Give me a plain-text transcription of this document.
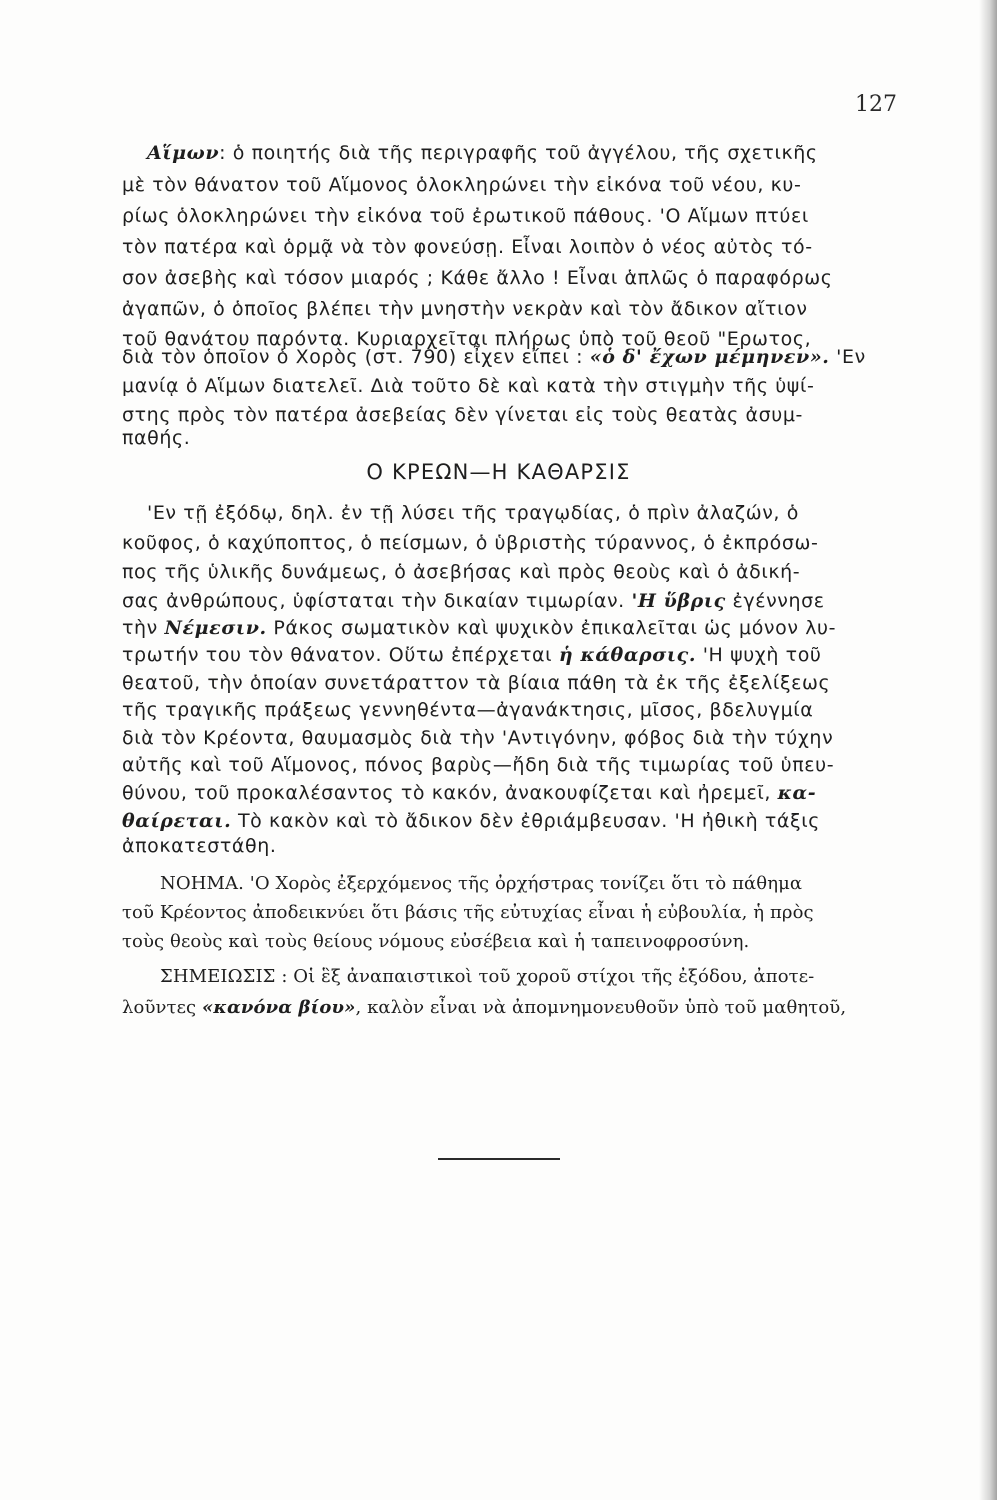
127
Αἵμων: ὁ ποιητής διὰ τῆς περιγραφῆς τοῦ ἀγγέλου, τῆς σχετικῆς
μὲ τὸν θάνατον τοῦ Αἵμονος ὁλοκληρώνει τὴν εἰκόνα τοῦ νέου, κυ-
ρίως ὁλοκληρώνει τὴν εἰκόνα τοῦ ἐρωτικοῦ πάθους. 'Ο Αἵμων πτύει
τὸν πατέρα καὶ ὁρμᾷ νὰ τὸν φονεύσῃ. Εἶναι λοιπὸν ὁ νέος αὐτὸς τό-
σον ἀσεβὴς καὶ τόσον μιαρός ; Κάθε ἄλλο ! Εἶναι ἁπλῶς ὁ παραφόρως
ἀγαπῶν, ὁ ὁποῖος βλέπει τὴν μνηστὴν νεκρὰν καὶ τὸν ἄδικον αἴτιον
τοῦ θανάτου παρόντα. Κυριαρχεῖται πλήρως ὑπὸ τοῦ θεοῦ "Ερωτος,
διὰ τὸν ὁποῖον ὁ Χορὸς (στ. 790) εἶχεν εἴπει : «ὁ δ' ἔχων μέμηνεν». 'Εν
μανίᾳ ὁ Αἵμων διατελεῖ. Διὰ τοῦτο δὲ καὶ κατὰ τὴν στιγμὴν τῆς ὑψί-
στης πρὸς τὸν πατέρα ἀσεβείας δὲν γίνεται εἰς τοὺς θεατὰς ἀσυμ-
παθής.
Ο ΚΡΕΩΝ—Η ΚΑΘΑΡΣΙΣ
'Εν τῇ ἐξόδῳ, δηλ. ἐν τῇ λύσει τῆς τραγῳδίας, ὁ πρὶν ἀλαζών, ὁ
κοῦφος, ὁ καχύποπτος, ὁ πείσμων, ὁ ὑβριστὴς τύραννος, ὁ ἐκπρόσω-
πος τῆς ὑλικῆς δυνάμεως, ὁ ἀσεβήσας καὶ πρὸς θεοὺς καὶ ὁ ἀδική-
σας ἀνθρώπους, ὑφίσταται τὴν δικαίαν τιμωρίαν. 'Η ὕβρις ἐγέννησε
τὴν Νέμεσιν. Ράκος σωματικὸν καὶ ψυχικὸν ἐπικαλεῖται ὡς μόνον λυ-
τρωτήν του τὸν θάνατον. Οὕτω ἐπέρχεται ἡ κάθαρσις. 'Η ψυχὴ τοῦ
θεατοῦ, τὴν ὁποίαν συνετάραττον τὰ βίαια πάθη τὰ ἐκ τῆς ἐξελίξεως
τῆς τραγικῆς πράξεως γεννηθέντα—ἀγανάκτησις, μῖσος, βδελυγμία
διὰ τὸν Κρέοντα, θαυμασμὸς διὰ τὴν 'Αντιγόνην, φόβος διὰ τὴν τύχην
αὐτῆς καὶ τοῦ Αἵμονος, πόνος βαρὺς—ἤδη διὰ τῆς τιμωρίας τοῦ ὑπευ-
θύνου, τοῦ προκαλέσαντος τὸ κακόν, ἀνακουφίζεται καὶ ἠρεμεῖ, κα-
θαίρεται. Τὸ κακὸν καὶ τὸ ἄδικον δὲν ἐθριάμβευσαν. 'Η ἠθικὴ τάξις
ἀποκατεστάθη.
ΝΟΗΜΑ. 'Ο Χορὸς ἐξερχόμενος τῆς ὀρχήστρας τονίζει ὅτι τὸ πάθημα
τοῦ Κρέοντος ἀποδεικνύει ὅτι βάσις τῆς εὐτυχίας εἶναι ἡ εὐβουλία, ἡ πρὸς
τοὺς θεοὺς καὶ τοὺς θείους νόμους εὐσέβεια καὶ ἡ ταπεινοφροσύνη.
ΣΗΜΕΙΩΣΙΣ : Οἱ ἓξ ἀναπαιστικοὶ τοῦ χοροῦ στίχοι τῆς ἐξόδου, ἀποτε-
λοῦντες «κανόνα βίου», καλὸν εἶναι νὰ ἀπομνημονευθοῦν ὑπὸ τοῦ μαθητοῦ,
